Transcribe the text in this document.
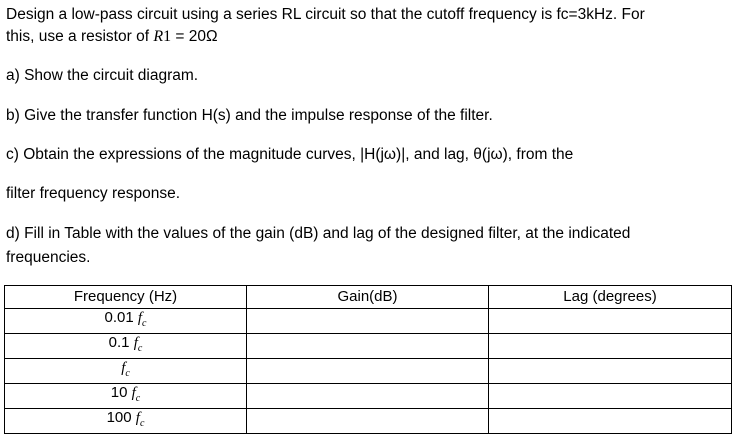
Design a low-pass circuit using a series RL circuit so that the cutoff frequency is fc=3kHz. For

this, use a resistor of R1 = 20Ω

a) Show the circuit diagram.

b) Give the transfer function H(s) and the impulse response of the filter.

c) Obtain the expressions of the magnitude curves, |H(jω)|, and lag, θ(jω), from the

filter frequency response.

d) Fill in Table with the values of the gain (dB) and lag of the designed filter, at the indicated

frequencies.

Frequency (Hz)	Gain(dB)	Lag (degrees)
0.01 $f_c$		
0.1 $f_c$		
$f_c$		
10 $f_c$		
100 $f_c$		
